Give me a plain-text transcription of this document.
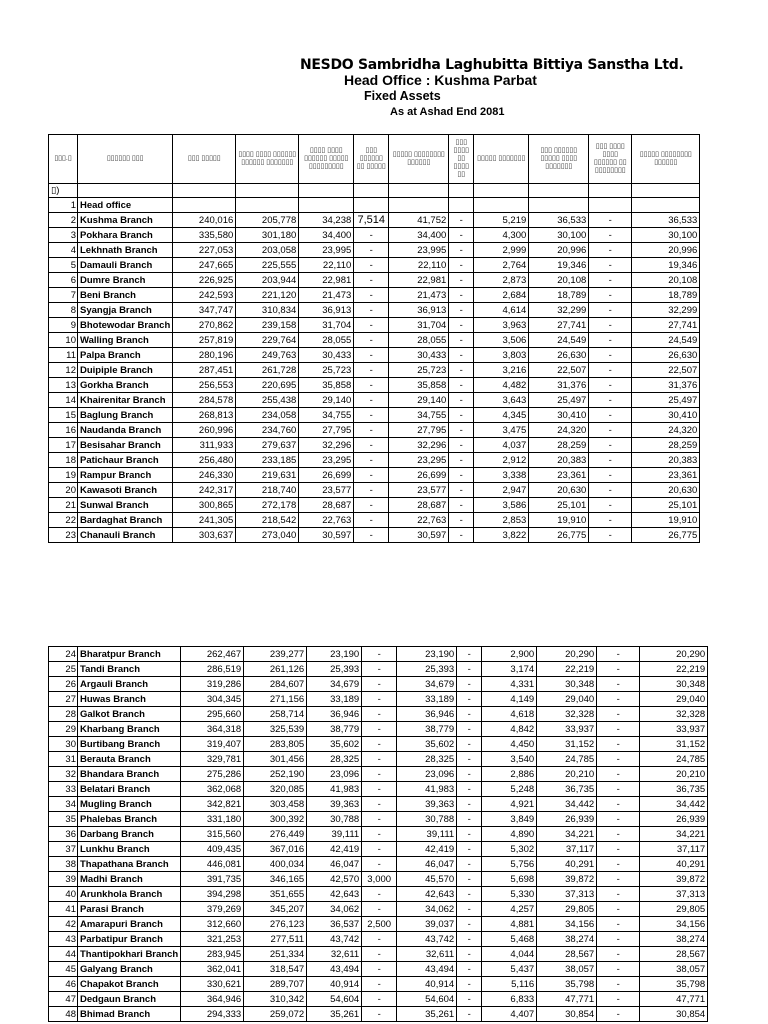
NESDO Sambridha Laghubitta Bittiya Sanstha Ltd.
Head Office : Kushma Parbat
Fixed Assets
As at Ashad End 2081
▯▯▯.▯	▯▯▯▯▯▯ ▯▯▯	▯▯▯ ▯▯▯▯▯	▯▯▯▯ ▯▯▯▯ ▯▯▯▯▯▯ ▯▯▯▯▯▯ ▯▯▯▯▯▯▯	▯▯▯▯ ▯▯▯▯ ▯▯▯▯▯▯ ▯▯▯▯▯ ▯▯▯▯▯▯▯▯▯	▯▯▯ ▯▯▯▯▯▯ ▯▯ ▯▯▯▯▯	▯▯▯▯▯ ▯▯▯▯▯▯▯▯ ▯▯▯▯▯▯	▯▯▯ ▯▯▯▯ ▯▯ ▯▯▯▯ ▯▯	▯▯▯▯▯ ▯▯▯▯▯▯▯	▯▯▯ ▯▯▯▯▯▯ ▯▯▯▯▯ ▯▯▯▯ ▯▯▯▯▯▯▯	▯▯▯ ▯▯▯▯ ▯▯▯▯ ▯▯▯▯▯▯ ▯▯ ▯▯▯▯▯▯▯▯	▯▯▯▯▯ ▯▯▯▯▯▯▯▯ ▯▯▯▯▯▯
▯)											
1	Head office										
2	Kushma Branch	240,016	205,778	34,238	7,514	41,752	-	5,219	36,533	-	36,533
3	Pokhara Branch	335,580	301,180	34,400	-	34,400	-	4,300	30,100	-	30,100
4	Lekhnath Branch	227,053	203,058	23,995	-	23,995	-	2,999	20,996	-	20,996
5	Damauli Branch	247,665	225,555	22,110	-	22,110	-	2,764	19,346	-	19,346
6	Dumre Branch	226,925	203,944	22,981	-	22,981	-	2,873	20,108	-	20,108
7	Beni Branch	242,593	221,120	21,473	-	21,473	-	2,684	18,789	-	18,789
8	Syangja Branch	347,747	310,834	36,913	-	36,913	-	4,614	32,299	-	32,299
9	Bhotewodar Branch	270,862	239,158	31,704	-	31,704	-	3,963	27,741	-	27,741
10	Walling Branch	257,819	229,764	28,055	-	28,055	-	3,506	24,549	-	24,549
11	Palpa Branch	280,196	249,763	30,433	-	30,433	-	3,803	26,630	-	26,630
12	Duipiple Branch	287,451	261,728	25,723	-	25,723	-	3,216	22,507	-	22,507
13	Gorkha Branch	256,553	220,695	35,858	-	35,858	-	4,482	31,376	-	31,376
14	Khairenitar Branch	284,578	255,438	29,140	-	29,140	-	3,643	25,497	-	25,497
15	Baglung Branch	268,813	234,058	34,755	-	34,755	-	4,345	30,410	-	30,410
16	Naudanda Branch	260,996	234,760	27,795	-	27,795	-	3,475	24,320	-	24,320
17	Besisahar Branch	311,933	279,637	32,296	-	32,296	-	4,037	28,259	-	28,259
18	Patichaur Branch	256,480	233,185	23,295	-	23,295	-	2,912	20,383	-	20,383
19	Rampur Branch	246,330	219,631	26,699	-	26,699	-	3,338	23,361	-	23,361
20	Kawasoti Branch	242,317	218,740	23,577	-	23,577	-	2,947	20,630	-	20,630
21	Sunwal Branch	300,865	272,178	28,687	-	28,687	-	3,586	25,101	-	25,101
22	Bardaghat Branch	241,305	218,542	22,763	-	22,763	-	2,853	19,910	-	19,910
23	Chanauli Branch	303,637	273,040	30,597	-	30,597	-	3,822	26,775	-	26,775
24	Bharatpur Branch	262,467	239,277	23,190	-	23,190	-	2,900	20,290	-	20,290
25	Tandi Branch	286,519	261,126	25,393	-	25,393	-	3,174	22,219	-	22,219
26	Argauli Branch	319,286	284,607	34,679	-	34,679	-	4,331	30,348	-	30,348
27	Huwas Branch	304,345	271,156	33,189	-	33,189	-	4,149	29,040	-	29,040
28	Galkot Branch	295,660	258,714	36,946	-	36,946	-	4,618	32,328	-	32,328
29	Kharbang Branch	364,318	325,539	38,779	-	38,779	-	4,842	33,937	-	33,937
30	Burtibang Branch	319,407	283,805	35,602	-	35,602	-	4,450	31,152	-	31,152
31	Berauta Branch	329,781	301,456	28,325	-	28,325	-	3,540	24,785	-	24,785
32	Bhandara Branch	275,286	252,190	23,096	-	23,096	-	2,886	20,210	-	20,210
33	Belatari Branch	362,068	320,085	41,983	-	41,983	-	5,248	36,735	-	36,735
34	Mugling Branch	342,821	303,458	39,363	-	39,363	-	4,921	34,442	-	34,442
35	Phalebas Branch	331,180	300,392	30,788	-	30,788	-	3,849	26,939	-	26,939
36	Darbang Branch	315,560	276,449	39,111	-	39,111	-	4,890	34,221	-	34,221
37	Lunkhu Branch	409,435	367,016	42,419	-	42,419	-	5,302	37,117	-	37,117
38	Thapathana Branch	446,081	400,034	46,047	-	46,047	-	5,756	40,291	-	40,291
39	Madhi Branch	391,735	346,165	42,570	3,000	45,570	-	5,698	39,872	-	39,872
40	Arunkhola Branch	394,298	351,655	42,643	-	42,643	-	5,330	37,313	-	37,313
41	Parasi Branch	379,269	345,207	34,062	-	34,062	-	4,257	29,805	-	29,805
42	Amarapuri Branch	312,660	276,123	36,537	2,500	39,037	-	4,881	34,156	-	34,156
43	Parbatipur Branch	321,253	277,511	43,742	-	43,742	-	5,468	38,274	-	38,274
44	Thantipokhari Branch	283,945	251,334	32,611	-	32,611	-	4,044	28,567	-	28,567
45	Galyang Branch	362,041	318,547	43,494	-	43,494	-	5,437	38,057	-	38,057
46	Chapakot Branch	330,621	289,707	40,914	-	40,914	-	5,116	35,798	-	35,798
47	Dedgaun Branch	364,946	310,342	54,604	-	54,604	-	6,833	47,771	-	47,771
48	Bhimad Branch	294,333	259,072	35,261	-	35,261	-	4,407	30,854	-	30,854
